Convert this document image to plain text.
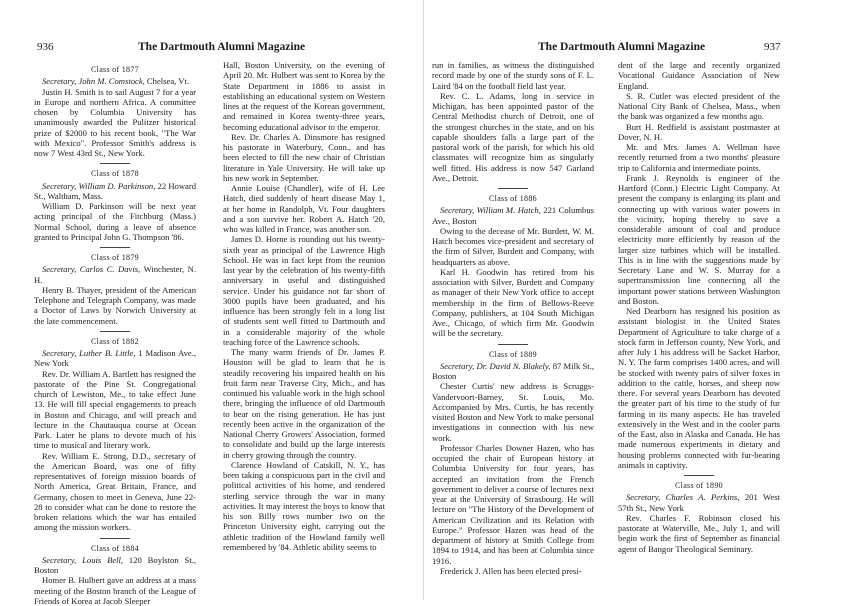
936	The Dartmouth Alumni Magazine
Class of 1877

Secretary, John M. Comstock, Chelsea, Vt.

Justin H. Smith is to sail August 7 for a year in Europe and northern Africa. A committee chosen by Columbia University has unanimously awarded the Pulitzer historical prize of $2000 to his recent book, "The War with Mexico". Professor Smith's address is now 7 West 43rd St., New York.

Class of 1878

Secretary, William D. Parkinson, 22 Howard St., Waltham, Mass.

William D. Parkinson will be next year acting principal of the Fitchburg (Mass.) Normal School, during a leave of absence granted to Principal John G. Thompson '86.

Class of 1879

Secretary, Carlos C. Davis, Winchester, N. H.

Henry B. Thayer, president of the American Telephone and Telegraph Company, was made a Doctor of Laws by Norwich University at the late commencement.

Class of 1882

Secretary, Luther B. Little, 1 Madison Ave., New York

Rev. Dr. William A. Bartlett has resigned the pastorate of the Pine St. Congregational church of Lewiston, Me., to take effect June 13. He will fill special engagements to preach in Boston and Chicago, and will preach and lecture in the Chautauqua course at Ocean Park. Later he plans to devote much of his time to musical and literary work.

Rev. William E. Strong, D.D., secretary of the American Board, was one of fifty representatives of foreign mission boards of North America, Great Britain, France, and Germany, chosen to meet in Geneva, June 22-28 to consider what can be done to restore the broken relations which the war has entailed among the mission workers.

Class of 1884

Secretary, Louis Bell, 120 Boylston St., Boston

Homer B. Hulbert gave an address at a mass meeting of the Boston branch of the League of Friends of Korea at Jacob Sleeper

Hall, Boston University, on the evening of April 20. Mr. Hulbert was sent to Korea by the State Department in 1886 to assist in establishing an educational system on Western lines at the request of the Korean government, and remained in Korea twenty-three years, becoming educational advisor to the emperor.

Rev. Dr. Charles A. Dinsmore has resigned his pastorate in Waterbury, Conn., and has been elected to fill the new chair of Christian literature in Yale University. He will take up his new work in September.

Annie Louise (Chandler), wife of H. Lee Hatch, died suddenly of heart disease May 1, at her home in Randolph, Vt. Four daughters and a son survive her. Robert A. Hatch '20, who was killed in France, was another son.

James D. Horne is rounding out his twenty-sixth year as principal of the Lawrence High School. He was in fact kept from the reunion last year by the celebration of his twenty-fifth anniversary in useful and distinguished service. Under his guidance not far short of 3000 pupils have been graduated, and his influence has been strongly felt in a long list of students sent well fitted to Dartmouth and in a considerable majority of the whole teaching force of the Lawrence schools.

The many warm friends of Dr. James P. Houston will be glad to learn that he is steadily recovering his impaired health on his fruit farm near Traverse City, Mich., and has continued his valuable work in the high school there, bringing the influence of old Dartmouth to bear on the rising generation. He has just recently been active in the organization of the National Cherry Growers' Association, formed to consolidate and build up the large interests in cherry growing through the country.

Clarence Howland of Catskill, N. Y., has been taking a conspicuous part in the civil and political activities of his home, and rendered sterling service through the war in many activities. It may interest the boys to know that his son Billy rows number two on the Princeton University eight, carrying out the athletic tradition of the Howland family well remembered by '84. Athletic ability seems to

The Dartmouth Alumni Magazine	937

run in families, as witness the distinguished record made by one of the sturdy sons of F. L. Laird '84 on the football field last year.

Rev. C. L. Adams, long in service in Michigan, has been appointed pastor of the Central Methodist church of Detroit, one of the strongest churches in the state, and on his capable shoulders falls a large part of the pastoral work of the parish, for which his old classmates will recognize him as singularly well fitted. His address is now 547 Garland Ave., Detroit.

Class of 1886

Secretary, William M. Hatch, 221 Columbus Ave., Boston

Owing to the decease of Mr. Burdett, W. M. Hatch becomes vice-president and secretary of the firm of Silver, Burdett and Company, with headquarters as above.

Karl H. Goodwin has retired from his association with Silver, Burdett and Company as manager of their New York office to accept membership in the firm of Bellows-Reeve Company, publishers, at 104 South Michigan Ave., Chicago, of which firm Mr. Goodwin will be the secretary.

Class of 1889

Secretary, Dr. David N. Blakely, 87 Milk St., Boston

Chester Curtis' new address is Scruggs-Vandervoort-Barney, St. Louis, Mo. Accompanied by Mrs. Curtis, he has recently visited Boston and New York to make personal investigations in connection with his new work.

Professor Charles Downer Hazen, who has occupied the chair of European history at Columbia University for four years, has accepted an invitation from the French government to deliver a course of lectures next year at the University of Strasbourg. He will lecture on "The History of the Development of American Civilization and its Relation with Europe." Professor Hazen was head of the department of history at Smith College from 1894 to 1914, and has been at Columbia since 1916.

Frederick J. Allen has been elected presi-

dent of the large and recently organized Vocational Guidance Association of New England.

S. R. Cutler was elected president of the National City Bank of Chelsea, Mass., when the bank was organized a few months ago.

Burt H. Redfield is assistant postmaster at Dover, N. H.

Mr. and Mrs. James A. Wellman have recently returned from a two months' pleasure trip to California and intermediate points.

Frank J. Reynolds is engineer of the Hartford (Conn.) Electric Light Company. At present the company is enlarging its plant and connecting up with various water powers in the vicinity, hoping thereby to save a considerable amount of coal and produce electricity more efficiently by reason of the larger size turbines which will be installed. This is in line with the suggestions made by Secretary Lane and W. S. Murray for a supertransmission line connecting all the important power stations between Washington and Boston.

Ned Dearborn has resigned his position as assistant biologist in the United States Department of Agriculture to take charge of a stock farm in Jefferson county, New York, and after July 1 his address will be Sacket Harbor, N. Y. The farm comprises 1400 acres, and will be stocked with twenty pairs of silver foxes in addition to the cattle, horses, and sheep now there. For several years Dearborn has devoted the greater part of his time to the study of fur farming in its many aspects. He has traveled extensively in the West and in the cooler parts of the East, also in Alaska and Canada. He has made numerous experiments in dietary and housing problems connected with fur-bearing animals in captivity.

Class of 1890

Secretary, Charles A. Perkins, 201 West 57th St., New York

Rev. Charles F. Robinson closed his pastorate at Waterville, Me., July 1, and will begin work the first of September as financial agent of Bangor Theological Seminary.
